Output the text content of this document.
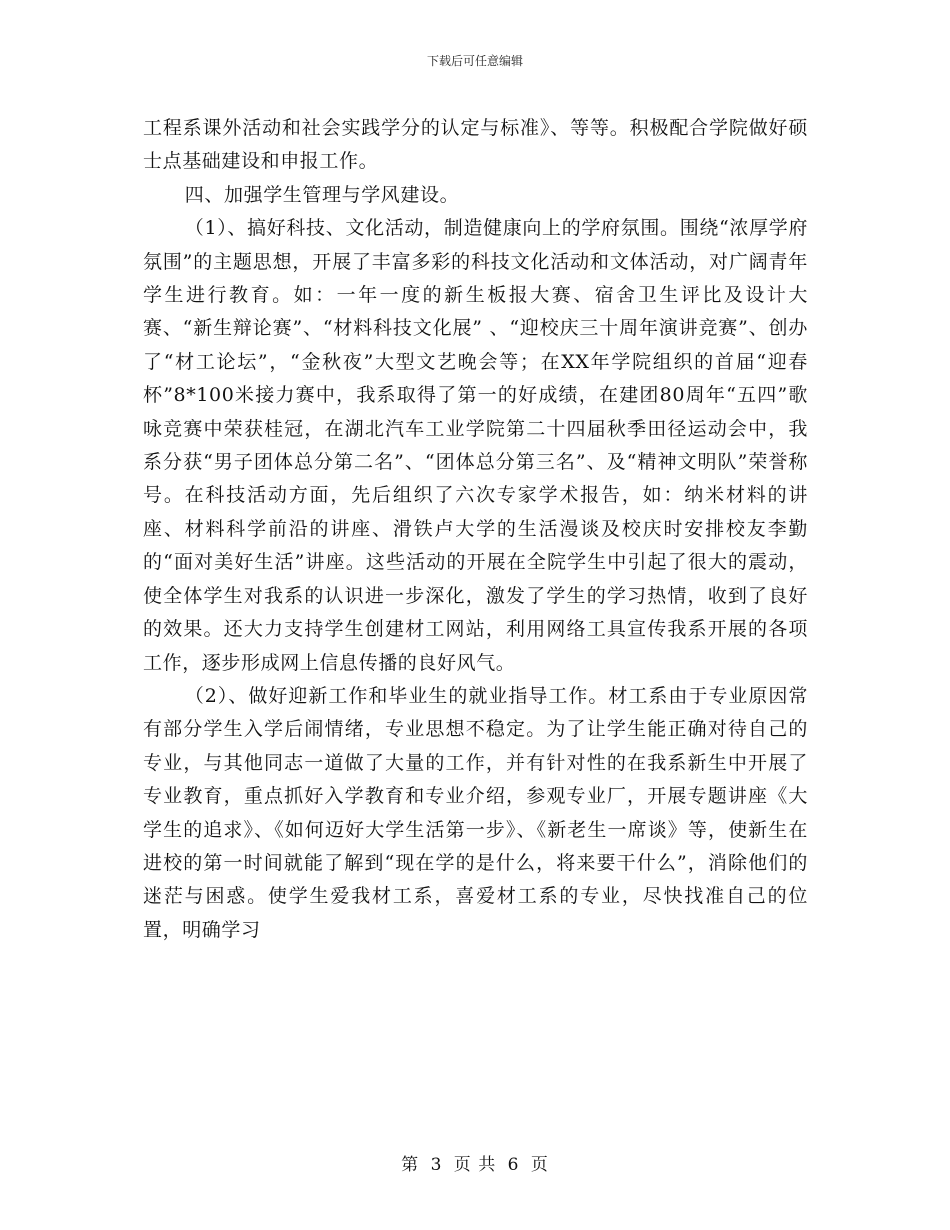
下载后可任意编辑

工程系课外活动和社会实践学分的认定与标准》、等等。积极配合学院做好硕士点基础建设和申报工作。

四、加强学生管理与学风建设。

（1）、搞好科技、文化活动，制造健康向上的学府氛围。围绕“浓厚学府氛围”的主题思想，开展了丰富多彩的科技文化活动和文体活动，对广阔青年学生进行教育。如：一年一度的新生板报大赛、宿舍卫生评比及设计大赛、“新生辩论赛”、“材料科技文化展” 、“迎校庆三十周年演讲竞赛”、创办了“材工论坛”，“金秋夜”大型文艺晚会等；在XX年学院组织的首届“迎春杯”8*100米接力赛中，我系取得了第一的好成绩，在建团80周年“五四”歌咏竞赛中荣获桂冠，在湖北汽车工业学院第二十四届秋季田径运动会中，我系分获“男子团体总分第二名”、“团体总分第三名”、及“精神文明队”荣誉称号。在科技活动方面，先后组织了六次专家学术报告，如：纳米材料的讲座、材料科学前沿的讲座、滑铁卢大学的生活漫谈及校庆时安排校友李勤的“面对美好生活”讲座。这些活动的开展在全院学生中引起了很大的震动，使全体学生对我系的认识进一步深化，激发了学生的学习热情，收到了良好的效果。还大力支持学生创建材工网站，利用网络工具宣传我系开展的各项工作，逐步形成网上信息传播的良好风气。

（2）、做好迎新工作和毕业生的就业指导工作。材工系由于专业原因常有部分学生入学后闹情绪，专业思想不稳定。为了让学生能正确对待自己的专业，与其他同志一道做了大量的工作，并有针对性的在我系新生中开展了专业教育，重点抓好入学教育和专业介绍，参观专业厂，开展专题讲座《大学生的追求》、《如何迈好大学生活第一步》、《新老生一席谈》等，使新生在进校的第一时间就能了解到“现在学的是什么，将来要干什么”，消除他们的迷茫与困惑。使学生爱我材工系，喜爱材工系的专业，尽快找准自己的位置，明确学习

第 3 页 共 6 页
